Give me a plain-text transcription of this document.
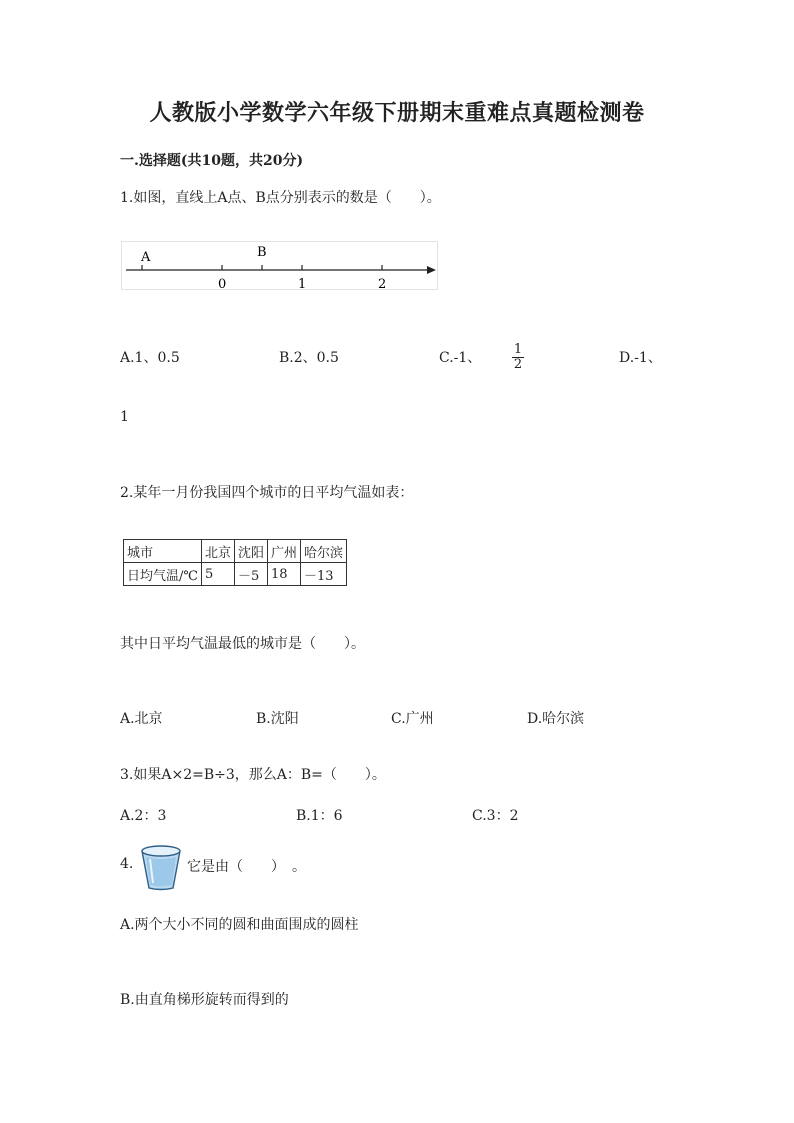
人教版小学数学六年级下册期末重难点真题检测卷
一.选择题(共10题，共20分)
1.如图，直线上A点、B点分别表示的数是（　　）。
A	B
0	1	2
A.1、0.5	B.2、0.5	C.-1、 $\frac{1}{2}$	D.-1、
1
2.某年一月份我国四个城市的日平均气温如表：
城市	北京	沈阳	广州	哈尔滨
日均气温/℃	5	－5	18	－13
其中日平均气温最低的城市是（　　）。
A.北京	B.沈阳	C.广州	D.哈尔滨
3.如果A×2=B÷3，那么A：B=（　　）。
A.2：3	B.1：6	C.3：2
4.	它是由（　　）　。
A.两个大小不同的圆和曲面围成的圆柱
B.由直角梯形旋转而得到的
